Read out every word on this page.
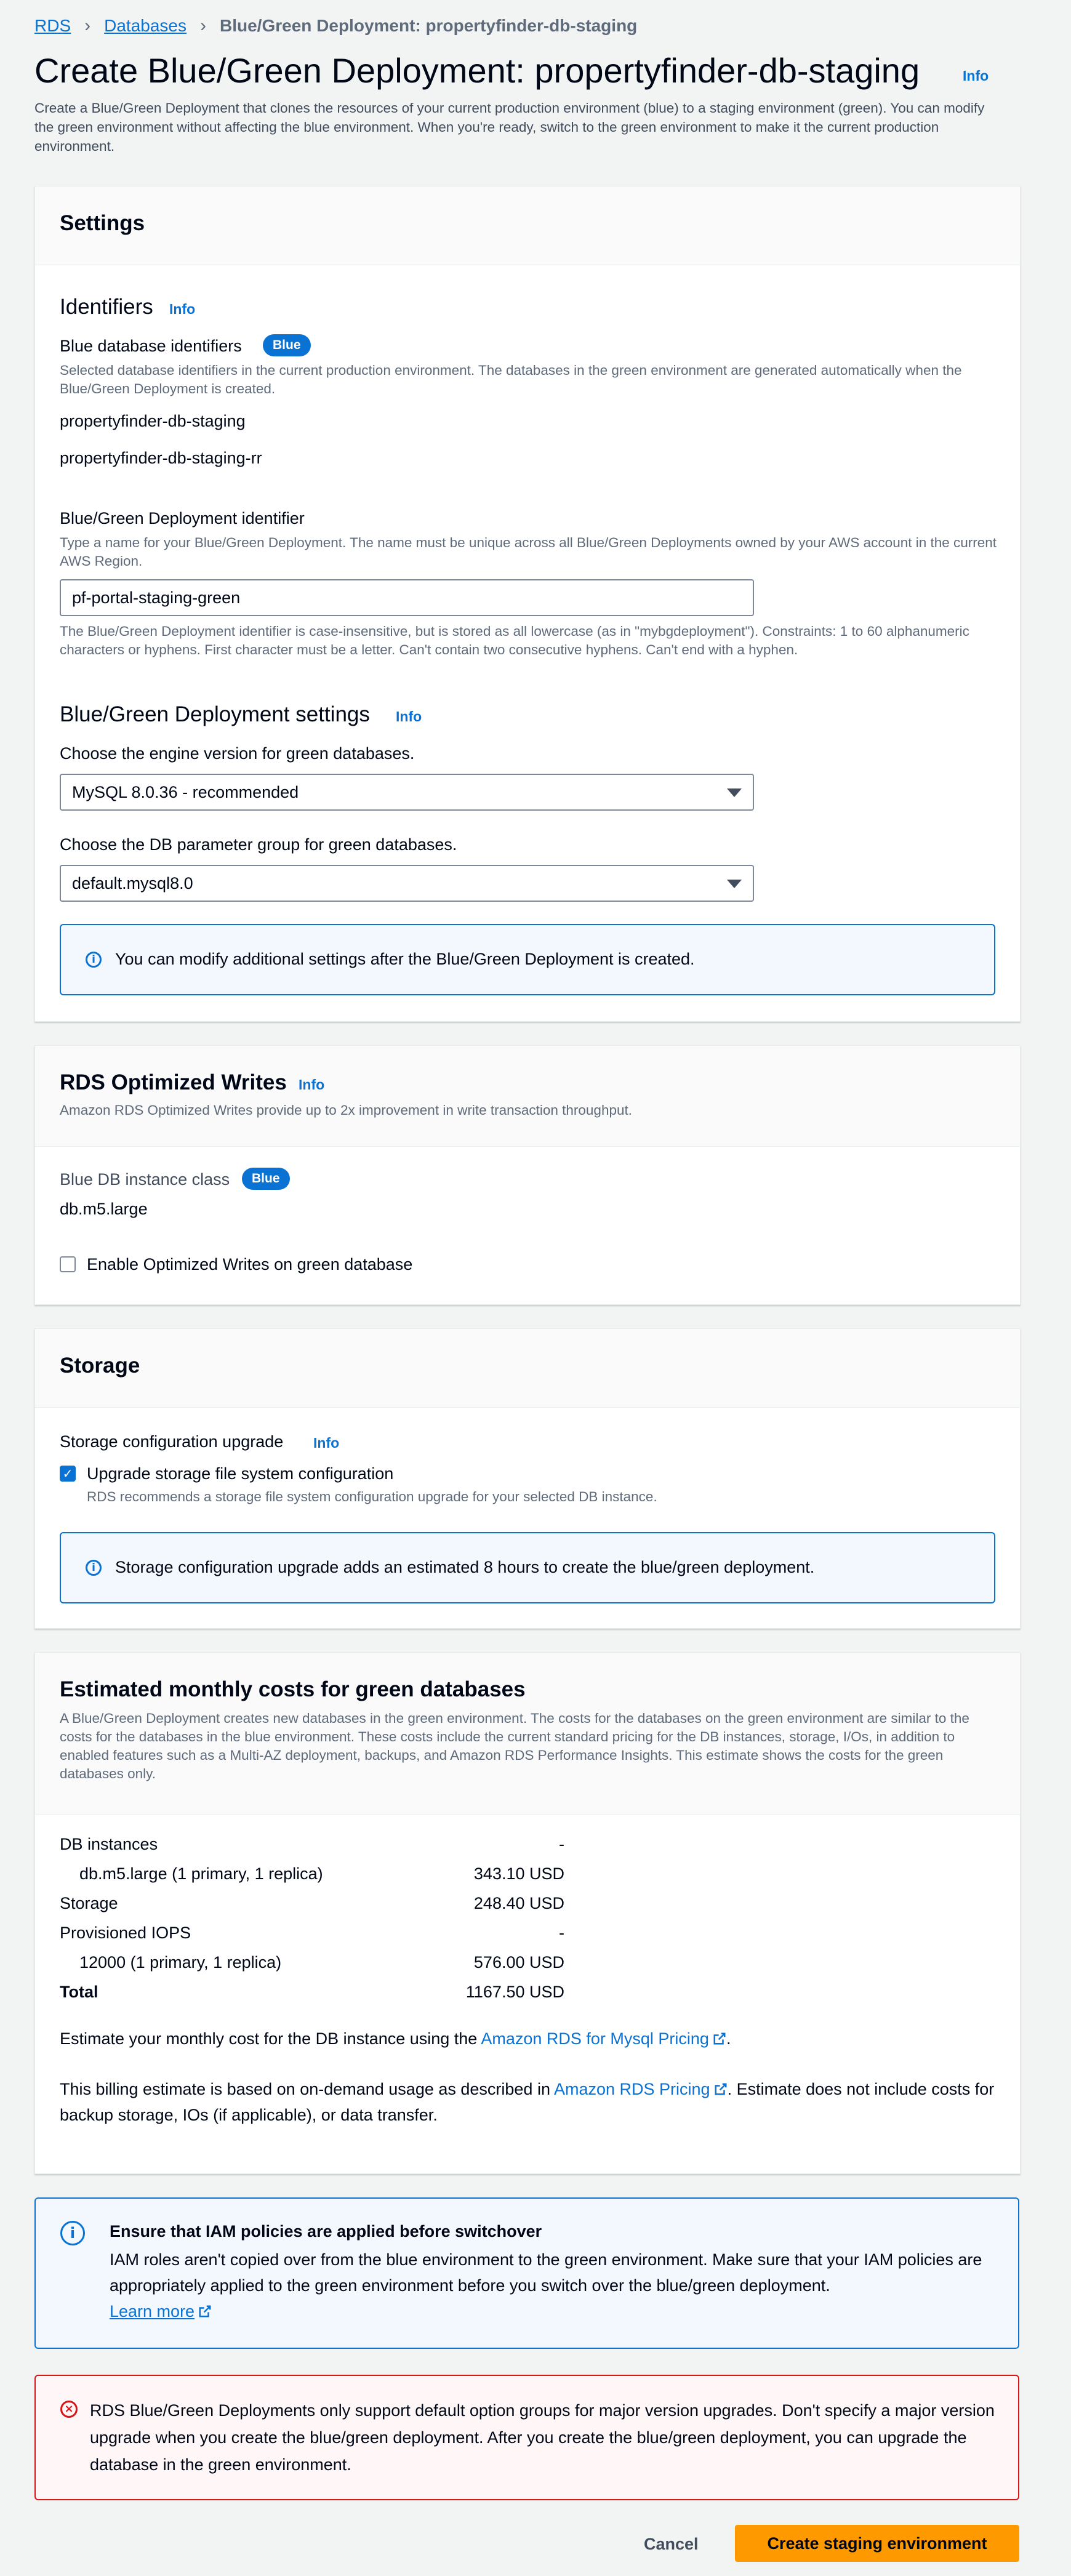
RDS › Databases › Blue/Green Deployment: propertyfinder-db-staging
Create Blue/Green Deployment: propertyfinder-db-staging	Info
Create a Blue/Green Deployment that clones the resources of your current production environment (blue) to a staging environment (green). You can modify the green environment without affecting the blue environment. When you're ready, switch to the green environment to make it the current production environment.
Settings
Identifiers Info
Blue database identifiers	Blue
Selected database identifiers in the current production environment. The databases in the green environment are generated automatically when the Blue/Green Deployment is created.
propertyfinder-db-staging
propertyfinder-db-staging-rr
Blue/Green Deployment identifier
Type a name for your Blue/Green Deployment. The name must be unique across all Blue/Green Deployments owned by your AWS account in the current AWS Region.
pf-portal-staging-green
The Blue/Green Deployment identifier is case-insensitive, but is stored as all lowercase (as in "mybgdeployment"). Constraints: 1 to 60 alphanumeric characters or hyphens. First character must be a letter. Can't contain two consecutive hyphens. Can't end with a hyphen.
Blue/Green Deployment settings Info
Choose the engine version for green databases.
MySQL 8.0.36 - recommended
Choose the DB parameter group for green databases.
default.mysql8.0
i	You can modify additional settings after the Blue/Green Deployment is created.
RDS Optimized Writes Info
Amazon RDS Optimized Writes provide up to 2x improvement in write transaction throughput.
Blue DB instance class	Blue
db.m5.large
Enable Optimized Writes on green database
Storage
Storage configuration upgrade Info
✓ Upgrade storage file system configuration
RDS recommends a storage file system configuration upgrade for your selected DB instance.
i	Storage configuration upgrade adds an estimated 8 hours to create the blue/green deployment.
Estimated monthly costs for green databases
A Blue/Green Deployment creates new databases in the green environment. The costs for the databases on the green environment are similar to the costs for the databases in the blue environment. These costs include the current standard pricing for the DB instances, storage, I/Os, in addition to enabled features such as a Multi-AZ deployment, backups, and Amazon RDS Performance Insights. This estimate shows the costs for the green databases only.
DB instances	-
db.m5.large (1 primary, 1 replica)	343.10 USD
Storage	248.40 USD
Provisioned IOPS	-
12000 (1 primary, 1 replica)	576.00 USD
Total	1167.50 USD
Estimate your monthly cost for the DB instance using the Amazon RDS for Mysql Pricing .
This billing estimate is based on on-demand usage as described in Amazon RDS Pricing . Estimate does not include costs for backup storage, IOs (if applicable), or data transfer.
i	Ensure that IAM policies are applied before switchover
IAM roles aren't copied over from the blue environment to the green environment. Make sure that your IAM policies are appropriately applied to the green environment before you switch over the blue/green deployment.
Learn more
× RDS Blue/Green Deployments only support default option groups for major version upgrades. Don't specify a major version upgrade when you create the blue/green deployment. After you create the blue/green deployment, you can upgrade the database in the green environment.
Cancel	Create staging environment
